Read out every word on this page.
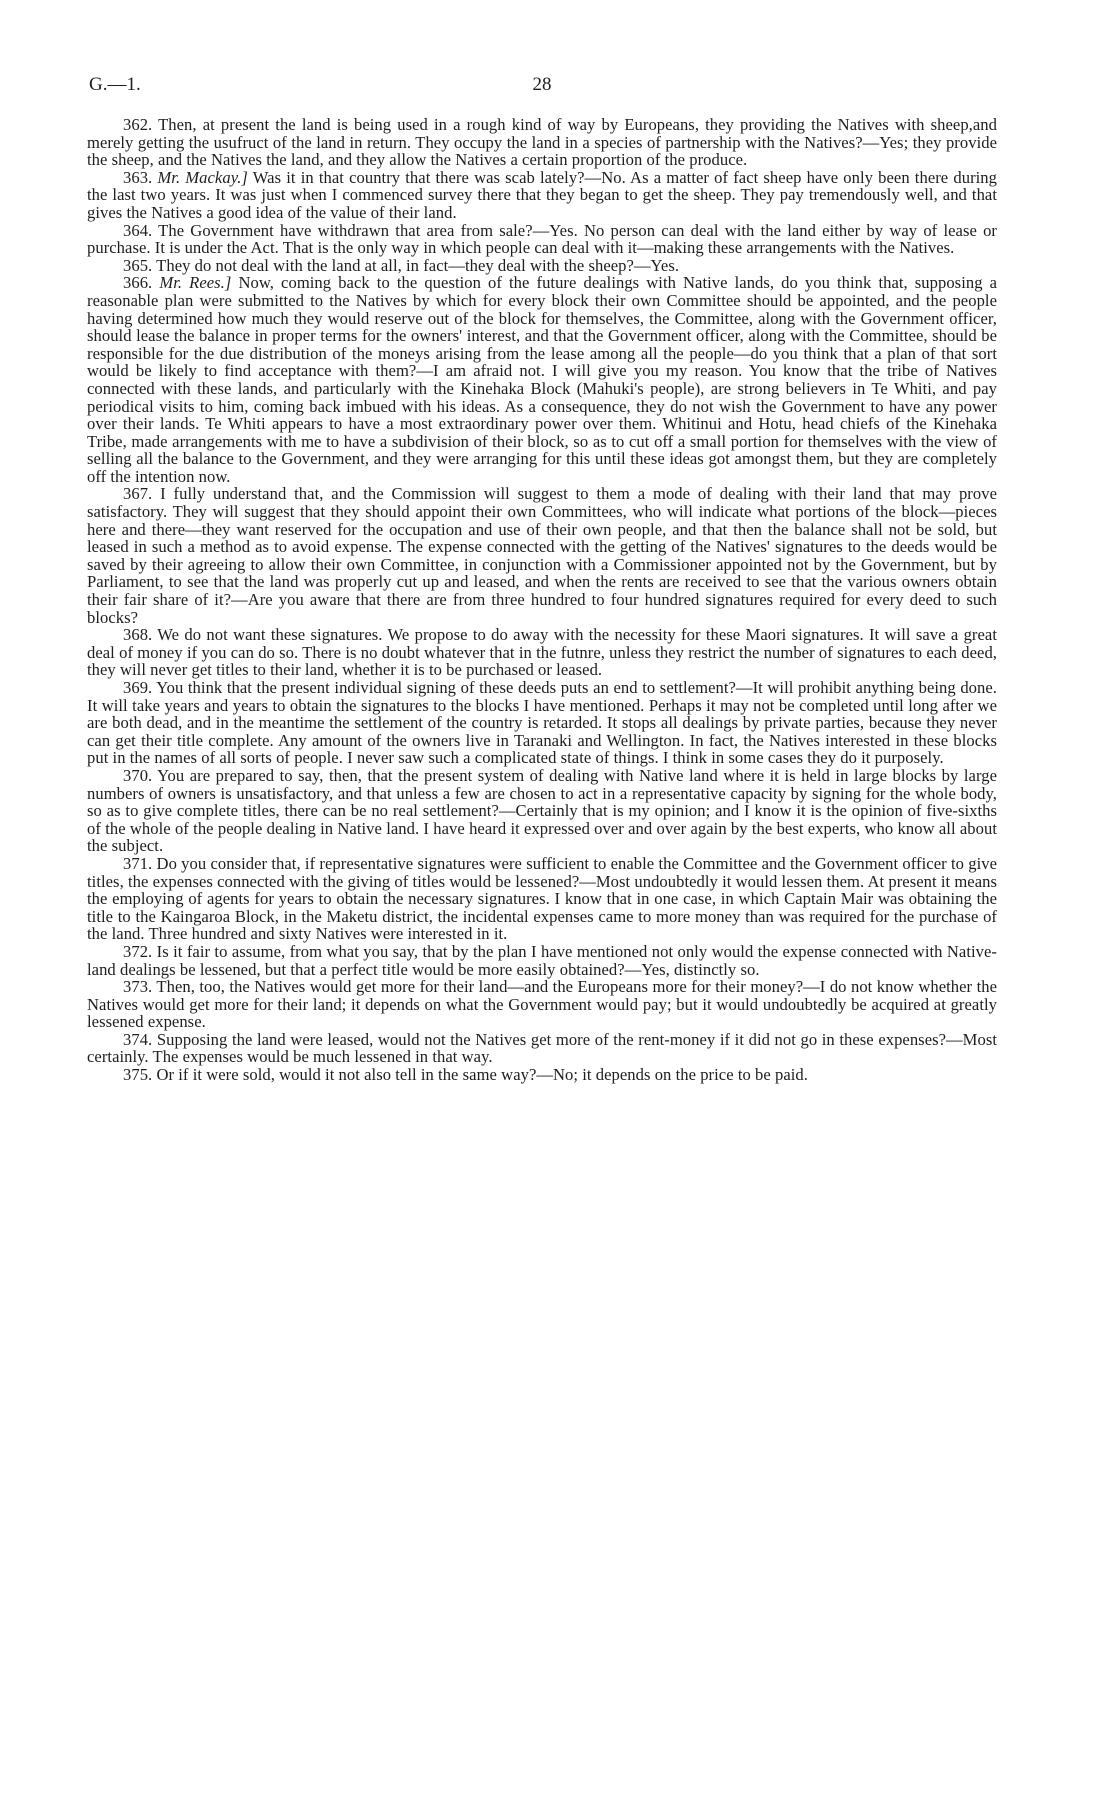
G.—1.	28

362. Then, at present the land is being used in a rough kind of way by Europeans, they providing the Natives with sheep,and merely getting the usufruct of the land in return. They occupy the land in a species of partnership with the Natives?—Yes; they provide the sheep, and the Natives the land, and they allow the Natives a certain proportion of the produce.

363. Mr. Mackay.] Was it in that country that there was scab lately?—No. As a matter of fact sheep have only been there during the last two years. It was just when I commenced survey there that they began to get the sheep. They pay tremendously well, and that gives the Natives a good idea of the value of their land.

364. The Government have withdrawn that area from sale?—Yes. No person can deal with the land either by way of lease or purchase. It is under the Act. That is the only way in which people can deal with it—making these arrangements with the Natives.

365. They do not deal with the land at all, in fact—they deal with the sheep?—Yes.

366. Mr. Rees.] Now, coming back to the question of the future dealings with Native lands, do you think that, supposing a reasonable plan were submitted to the Natives by which for every block their own Committee should be appointed, and the people having determined how much they would reserve out of the block for themselves, the Committee, along with the Government officer, should lease the balance in proper terms for the owners' interest, and that the Government officer, along with the Committee, should be responsible for the due distribution of the moneys arising from the lease among all the people—do you think that a plan of that sort would be likely to find acceptance with them?—I am afraid not. I will give you my reason. You know that the tribe of Natives connected with these lands, and particularly with the Kinehaka Block (Mahuki's people), are strong believers in Te Whiti, and pay periodical visits to him, coming back imbued with his ideas. As a consequence, they do not wish the Government to have any power over their lands. Te Whiti appears to have a most extraordinary power over them. Whitinui and Hotu, head chiefs of the Kinehaka Tribe, made arrangements with me to have a subdivision of their block, so as to cut off a small portion for themselves with the view of selling all the balance to the Government, and they were arranging for this until these ideas got amongst them, but they are completely off the intention now.

367. I fully understand that, and the Commission will suggest to them a mode of dealing with their land that may prove satisfactory. They will suggest that they should appoint their own Committees, who will indicate what portions of the block—pieces here and there—they want reserved for the occupation and use of their own people, and that then the balance shall not be sold, but leased in such a method as to avoid expense. The expense connected with the getting of the Natives' signatures to the deeds would be saved by their agreeing to allow their own Committee, in conjunction with a Commissioner appointed not by the Government, but by Parliament, to see that the land was properly cut up and leased, and when the rents are received to see that the various owners obtain their fair share of it?—Are you aware that there are from three hundred to four hundred signatures required for every deed to such blocks?

368. We do not want these signatures. We propose to do away with the necessity for these Maori signatures. It will save a great deal of money if you can do so. There is no doubt whatever that in the futnre, unless they restrict the number of signatures to each deed, they will never get titles to their land, whether it is to be purchased or leased.

369. You think that the present individual signing of these deeds puts an end to settlement?—It will prohibit anything being done. It will take years and years to obtain the signatures to the blocks I have mentioned. Perhaps it may not be completed until long after we are both dead, and in the meantime the settlement of the country is retarded. It stops all dealings by private parties, because they never can get their title complete. Any amount of the owners live in Taranaki and Wellington. In fact, the Natives interested in these blocks put in the names of all sorts of people. I never saw such a complicated state of things. I think in some cases they do it purposely.

370. You are prepared to say, then, that the present system of dealing with Native land where it is held in large blocks by large numbers of owners is unsatisfactory, and that unless a few are chosen to act in a representative capacity by signing for the whole body, so as to give complete titles, there can be no real settlement?—Certainly that is my opinion; and I know it is the opinion of five-sixths of the whole of the people dealing in Native land. I have heard it expressed over and over again by the best experts, who know all about the subject.

371. Do you consider that, if representative signatures were sufficient to enable the Committee and the Government officer to give titles, the expenses connected with the giving of titles would be lessened?—Most undoubtedly it would lessen them. At present it means the employing of agents for years to obtain the necessary signatures. I know that in one case, in which Captain Mair was obtaining the title to the Kaingaroa Block, in the Maketu district, the incidental expenses came to more money than was required for the purchase of the land. Three hundred and sixty Natives were interested in it.

372. Is it fair to assume, from what you say, that by the plan I have mentioned not only would the expense connected with Native-land dealings be lessened, but that a perfect title would be more easily obtained?—Yes, distinctly so.

373. Then, too, the Natives would get more for their land—and the Europeans more for their money?—I do not know whether the Natives would get more for their land; it depends on what the Government would pay; but it would undoubtedly be acquired at greatly lessened expense.

374. Supposing the land were leased, would not the Natives get more of the rent-money if it did not go in these expenses?—Most certainly. The expenses would be much lessened in that way.

375. Or if it were sold, would it not also tell in the same way?—No; it depends on the price to be paid.
